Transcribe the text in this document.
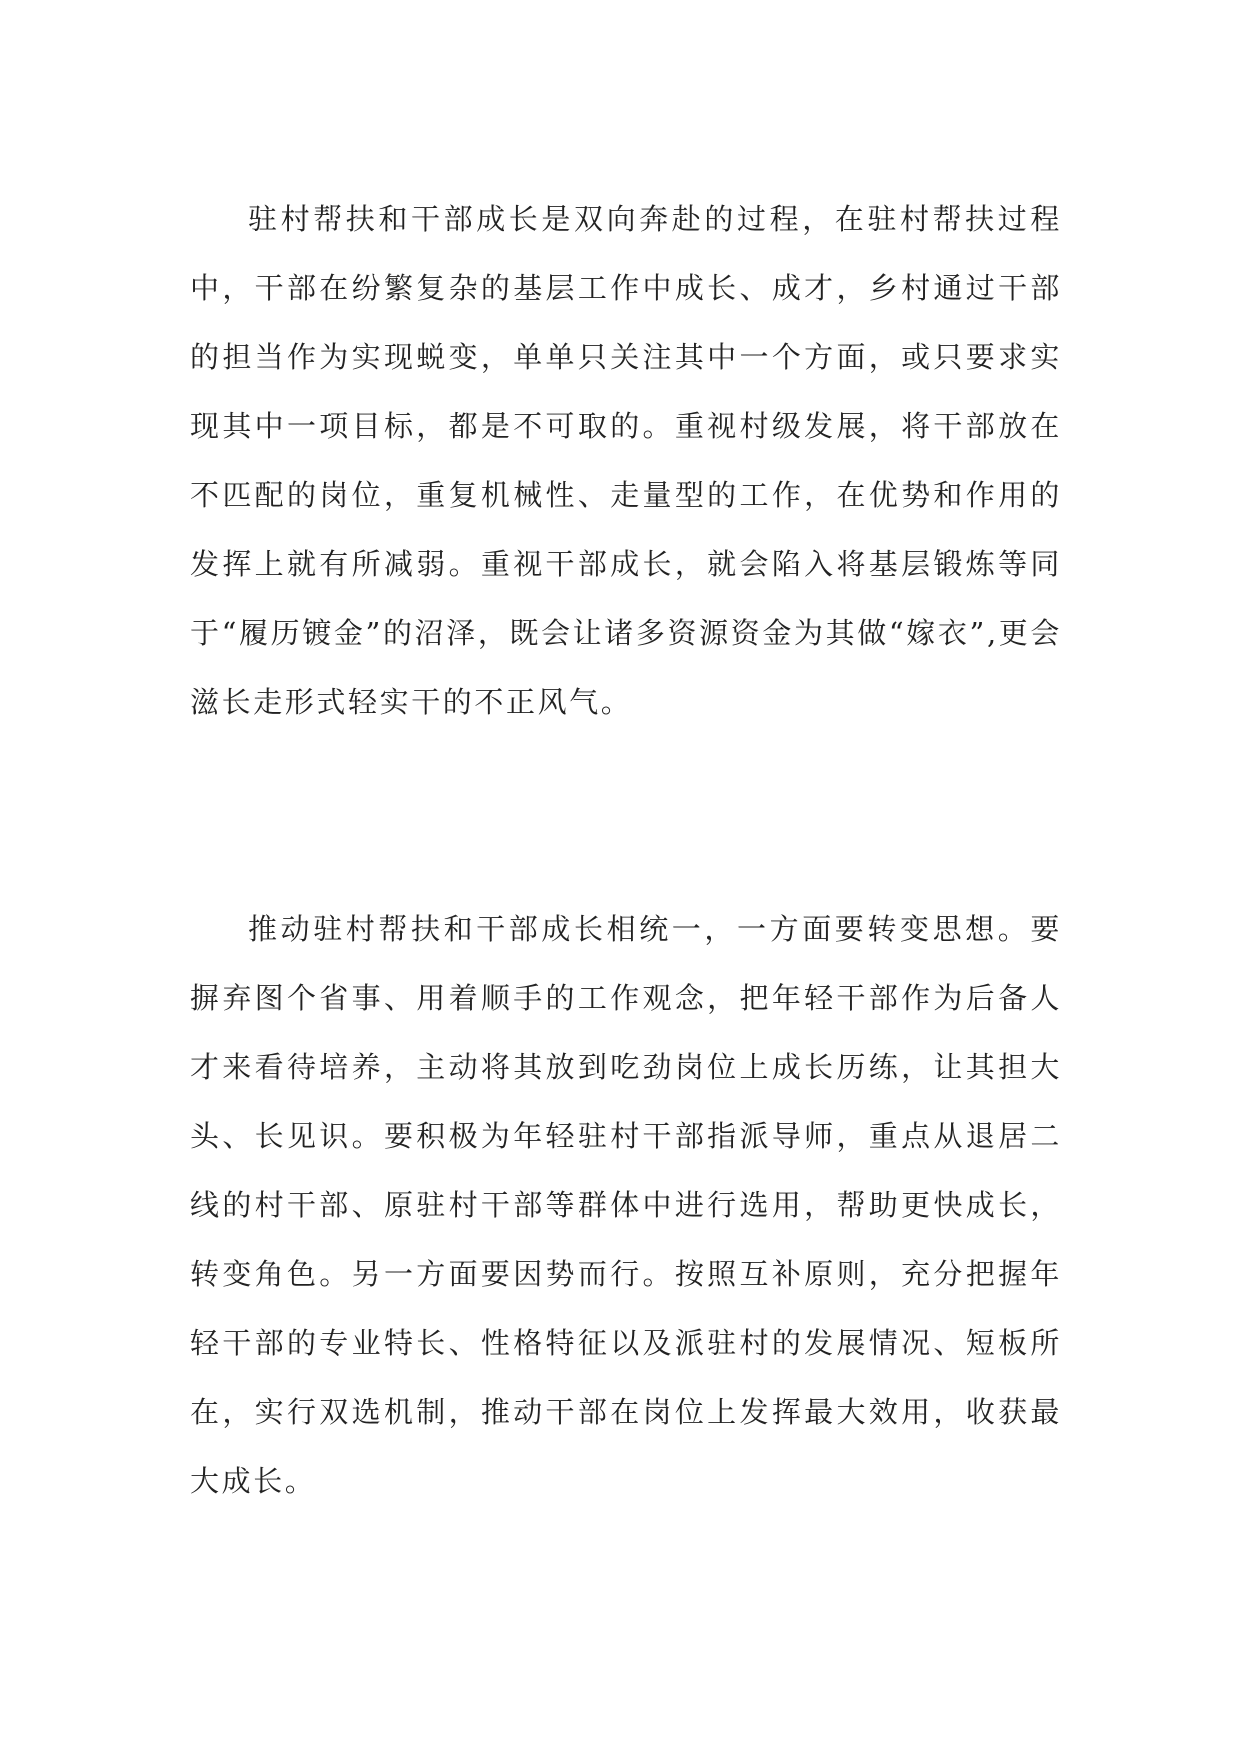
驻村帮扶和干部成长是双向奔赴的过程，在驻村帮扶过程中，干部在纷繁复杂的基层工作中成长、成才，乡村通过干部的担当作为实现蜕变，单单只关注其中一个方面，或只要求实现其中一项目标，都是不可取的。重视村级发展，将干部放在不匹配的岗位，重复机械性、走量型的工作，在优势和作用的发挥上就有所减弱。重视干部成长，就会陷入将基层锻炼等同于“履历镀金”的沼泽，既会让诸多资源资金为其做“嫁衣”,更会滋长走形式轻实干的不正风气。

推动驻村帮扶和干部成长相统一，一方面要转变思想。要摒弃图个省事、用着顺手的工作观念，把年轻干部作为后备人才来看待培养，主动将其放到吃劲岗位上成长历练，让其担大头、长见识。要积极为年轻驻村干部指派导师，重点从退居二线的村干部、原驻村干部等群体中进行选用，帮助更快成长，转变角色。另一方面要因势而行。按照互补原则，充分把握年轻干部的专业特长、性格特征以及派驻村的发展情况、短板所在，实行双选机制，推动干部在岗位上发挥最大效用，收获最大成长。
